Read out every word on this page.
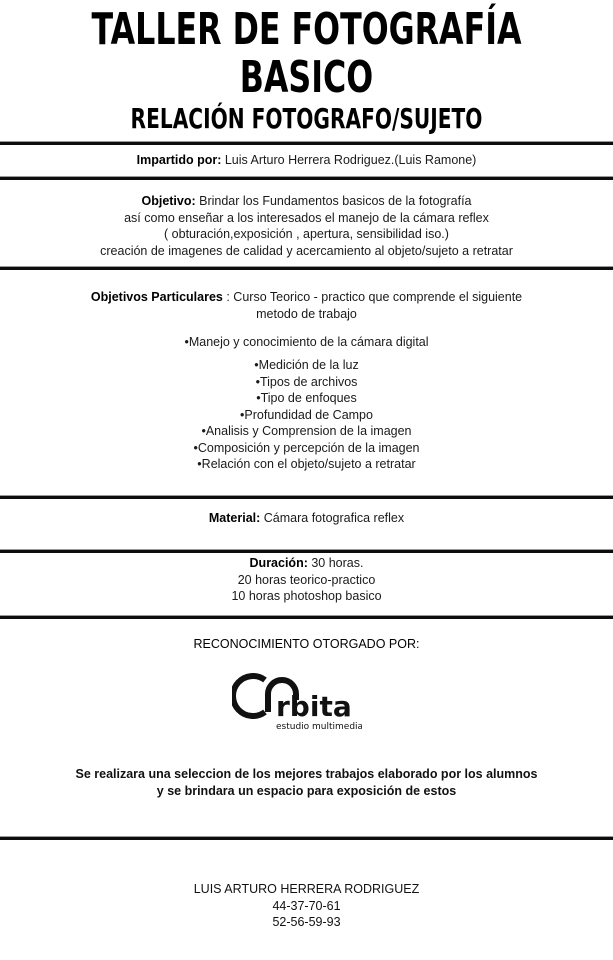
TALLER DE FOTOGRAFÍA
BASICO
RELACIÓN FOTOGRAFO/SUJETO
Impartido por: Luis Arturo Herrera Rodriguez.(Luis Ramone)
Objetivo: Brindar los Fundamentos basicos de la fotografía
así como enseñar a los interesados el manejo de la cámara reflex
( obturación,exposición , apertura, sensibilidad iso.)
creación de imagenes de calidad y acercamiento al objeto/sujeto a retratar
Objetivos Particulares : Curso Teorico - practico que comprende el siguiente
metodo de trabajo
•Manejo y conocimiento de la cámara digital
•Medición de la luz
•Tipos de archivos
•Tipo de enfoques
•Profundidad de Campo
•Analisis y Comprension de la imagen
•Composición y percepción de la imagen
•Relación con el objeto/sujeto a retratar
Material: Cámara fotografica reflex
Duración: 30 horas.
20 horas teorico-practico
10 horas photoshop basico
RECONOCIMIENTO OTORGADO POR:
rbita
estudio multimedia
Se realizara una seleccion de los mejores trabajos elaborado por los alumnos
y se brindara un espacio para exposición de estos
LUIS ARTURO HERRERA RODRIGUEZ
44-37-70-61
52-56-59-93
